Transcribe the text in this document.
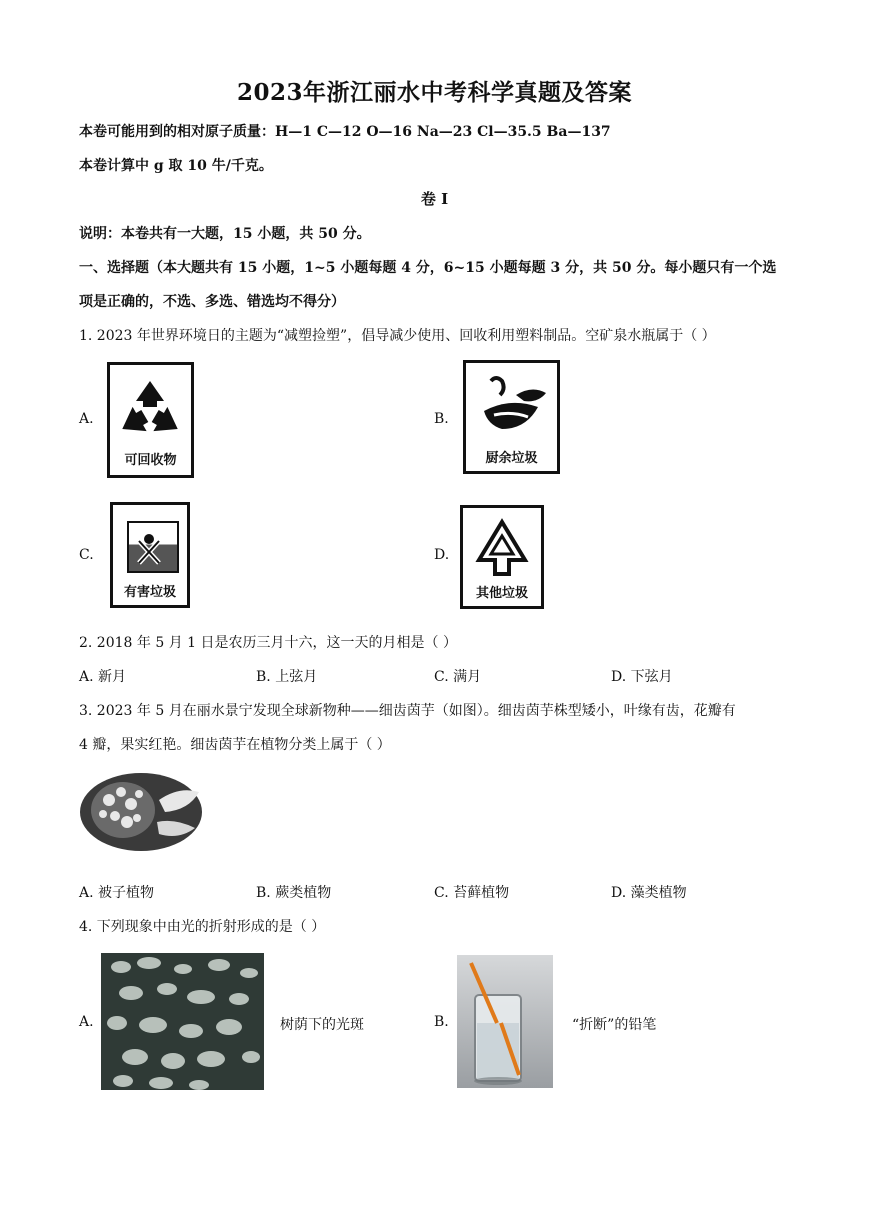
2023年浙江丽水中考科学真题及答案
本卷可能用到的相对原子质量：H—1 C—12 O—16 Na—23 Cl—35.5 Ba—137
本卷计算中 g 取 10 牛/千克。
卷 I
说明：本卷共有一大题，15 小题，共 50 分。
一、选择题（本大题共有 15 小题，1~5 小题每题 4 分，6~15 小题每题 3 分，共 50 分。每小题只有一个选
项是正确的，不选、多选、错选均不得分）
1. 2023 年世界环境日的主题为“减塑捡塑”，倡导减少使用、回收利用塑料制品。空矿泉水瓶属于（ ）
A.
可回收物
B.
厨余垃圾
C.
有害垃圾
D.
其他垃圾
2. 2018 年 5 月 1 日是农历三月十六，这一天的月相是（ ）
A. 新月	B. 上弦月	C. 满月	D. 下弦月
3. 2023 年 5 月在丽水景宁发现全球新物种——细齿茵芋（如图）。细齿茵芋株型矮小，叶缘有齿，花瓣有
4 瓣，果实红艳。细齿茵芋在植物分类上属于（ ）
A. 被子植物	B. 蕨类植物	C. 苔藓植物	D. 藻类植物
4. 下列现象中由光的折射形成的是（ ）
A.	树荫下的光斑	B.	“折断”的铅笔
